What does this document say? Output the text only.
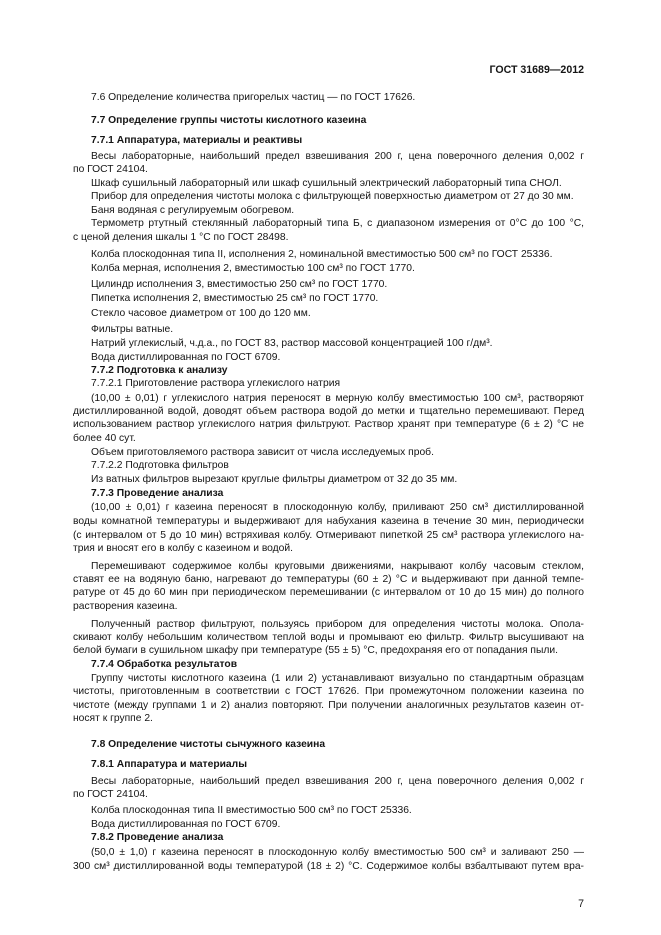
ГОСТ 31689—2012
7.6 Определение количества пригорелых частиц — по ГОСТ 17626.
7.7 Определение группы чистоты кислотного казеина
7.7.1 Аппаратура, материалы и реактивы
Весы лабораторные, наибольший предел взвешивания 200 г, цена поверочного деления 0,002 г
по ГОСТ 24104.
Шкаф сушильный лабораторный или шкаф сушильный электрический лабораторный типа СНОЛ.
Прибор для определения чистоты молока с фильтрующей поверхностью диаметром от 27 до 30 мм.
Баня водяная с регулируемым обогревом.
Термометр ртутный стеклянный лабораторный типа Б, с диапазоном измерения от 0°С до 100 °С,
с ценой деления шкалы 1 °С по ГОСТ 28498.
Колба плоскодонная типа II, исполнения 2, номинальной вместимостью 500 см³ по ГОСТ 25336.
Колба мерная, исполнения 2, вместимостью 100 см³ по ГОСТ 1770.
Цилиндр исполнения 3, вместимостью 250 см³ по ГОСТ 1770.
Пипетка исполнения 2, вместимостью 25 см³ по ГОСТ 1770.
Стекло часовое диаметром от 100 до 120 мм.
Фильтры ватные.
Натрий углекислый, ч.д.а., по ГОСТ 83, раствор массовой концентрацией 100 г/дм³.
Вода дистиллированная по ГОСТ 6709.
7.7.2 Подготовка к анализу
7.7.2.1 Приготовление раствора углекислого натрия
(10,00 ± 0,01) г углекислого натрия переносят в мерную колбу вместимостью 100 см³, растворяют
дистиллированной водой, доводят объем раствора водой до метки и тщательно перемешивают. Перед
использованием раствор углекислого натрия фильтруют. Раствор хранят при температуре (6 ± 2) °С не
более 40 сут.
Объем приготовляемого раствора зависит от числа исследуемых проб.
7.7.2.2 Подготовка фильтров
Из ватных фильтров вырезают круглые фильтры диаметром от 32 до 35 мм.
7.7.3 Проведение анализа
(10,00 ± 0,01) г казеина переносят в плоскодонную колбу, приливают 250 см³ дистиллированной
воды комнатной температуры и выдерживают для набухания казеина в течение 30 мин, периодически
(с интервалом от 5 до 10 мин) встряхивая колбу. Отмеривают пипеткой 25 см³ раствора углекислого на-
трия и вносят его в колбу с казеином и водой.
Перемешивают содержимое колбы круговыми движениями, накрывают колбу часовым стеклом,
ставят ее на водяную баню, нагревают до температуры (60 ± 2) °С и выдерживают при данной темпе-
ратуре от 45 до 60 мин при периодическом перемешивании (с интервалом от 10 до 15 мин) до полного
растворения казеина.
Полученный раствор фильтруют, пользуясь прибором для определения чистоты молока. Опола-
скивают колбу небольшим количеством теплой воды и промывают ею фильтр. Фильтр высушивают на
белой бумаги в сушильном шкафу при температуре (55 ± 5) °С, предохраняя его от попадания пыли.
7.7.4 Обработка результатов
Группу чистоты кислотного казеина (1 или 2) устанавливают визуально по стандартным образцам
чистоты, приготовленным в соответствии с ГОСТ 17626. При промежуточном положении казеина по
чистоте (между группами 1 и 2) анализ повторяют. При получении аналогичных результатов казеин от-
носят к группе 2.
7.8 Определение чистоты сычужного казеина
7.8.1 Аппаратура и материалы
Весы лабораторные, наибольший предел взвешивания 200 г, цена поверочного деления 0,002 г
по ГОСТ 24104.
Колба плоскодонная типа II вместимостью 500 см³ по ГОСТ 25336.
Вода дистиллированная по ГОСТ 6709.
7.8.2 Проведение анализа
(50,0 ± 1,0) г казеина переносят в плоскодонную колбу вместимостью 500 см³ и заливают 250 —
300 см³ дистиллированной воды температурой (18 ± 2) °С. Содержимое колбы взбалтывают путем вра-
7
